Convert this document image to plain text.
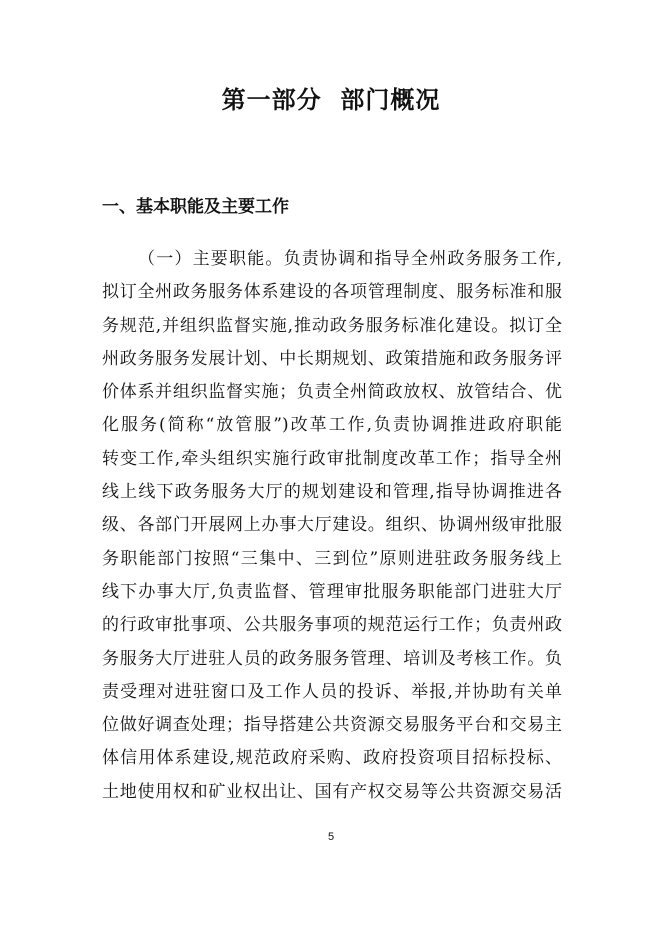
第一部分  部门概况
一、基本职能及主要工作
（一）主要职能。负责协调和指导全州政务服务工作,
拟订全州政务服务体系建设的各项管理制度、服务标准和服
务规范,并组织监督实施,推动政务服务标准化建设。拟订全
州政务服务发展计划、中长期规划、政策措施和政务服务评
价体系并组织监督实施；负责全州简政放权、放管结合、优
化服务(简称“放管服”)改革工作,负责协调推进政府职能
转变工作,牵头组织实施行政审批制度改革工作；指导全州
线上线下政务服务大厅的规划建设和管理,指导协调推进各
级、各部门开展网上办事大厅建设。组织、协调州级审批服
务职能部门按照“三集中、三到位”原则进驻政务服务线上
线下办事大厅,负责监督、管理审批服务职能部门进驻大厅
的行政审批事项、公共服务事项的规范运行工作；负责州政
务服务大厅进驻人员的政务服务管理、培训及考核工作。负
责受理对进驻窗口及工作人员的投诉、举报,并协助有关单
位做好调查处理；指导搭建公共资源交易服务平台和交易主
体信用体系建设,规范政府采购、政府投资项目招标投标、
土地使用权和矿业权出让、国有产权交易等公共资源交易活
5
